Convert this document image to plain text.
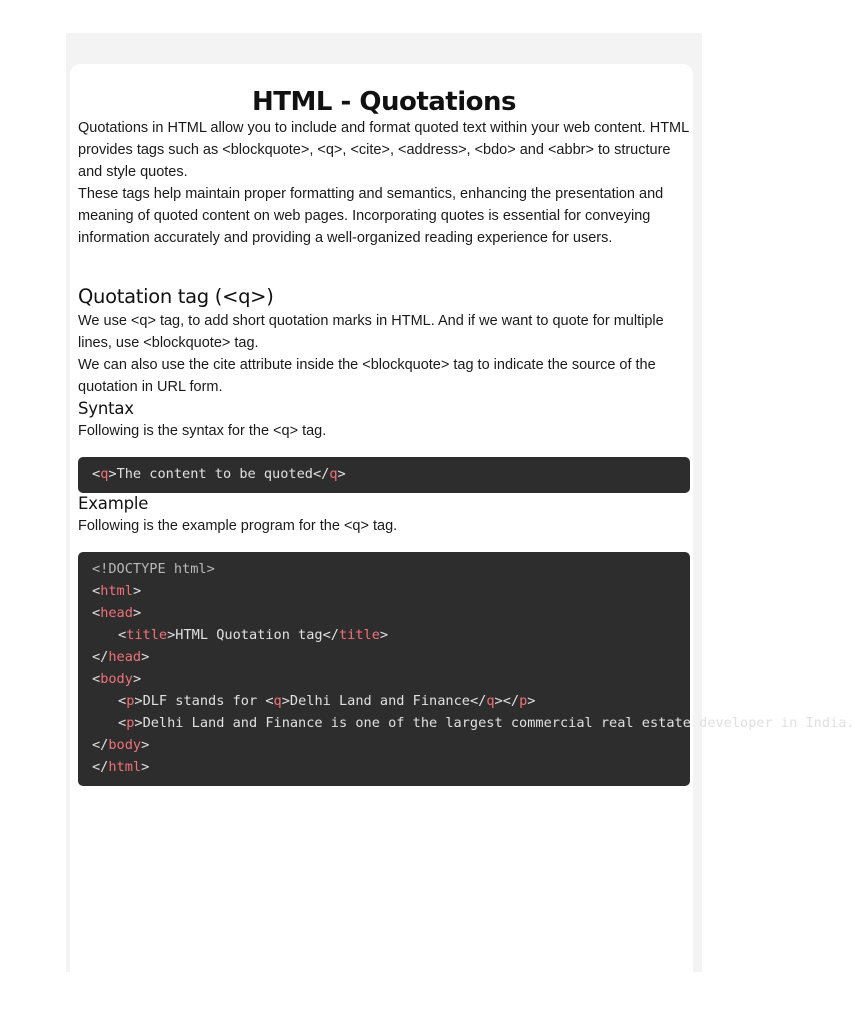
HTML - Quotations

Quotations in HTML allow you to include and format quoted text within your web content. HTML provides tags such as <blockquote>, <q>, <cite>, <address>, <bdo> and <abbr> to structure and style quotes.

These tags help maintain proper formatting and semantics, enhancing the presentation and meaning of quoted content on web pages. Incorporating quotes is essential for conveying information accurately and providing a well-organized reading experience for users.

Quotation tag (<q>)

We use <q> tag, to add short quotation marks in HTML. And if we want to quote for multiple lines, use <blockquote> tag.

We can also use the cite attribute inside the <blockquote> tag to indicate the source of the quotation in URL form.

Syntax

Following is the syntax for the <q> tag.

<q>The content to be quoted</q>
Example

Following is the example program for the <q> tag.

<!DOCTYPE html>
<html>
<head>
<title>HTML Quotation tag</title>
</head>
<body>
<p>DLF stands for <q>Delhi Land and Finance</q></p>
<p>Delhi Land and Finance is one of the largest commercial real estate developer in India.
</body>
</html>
